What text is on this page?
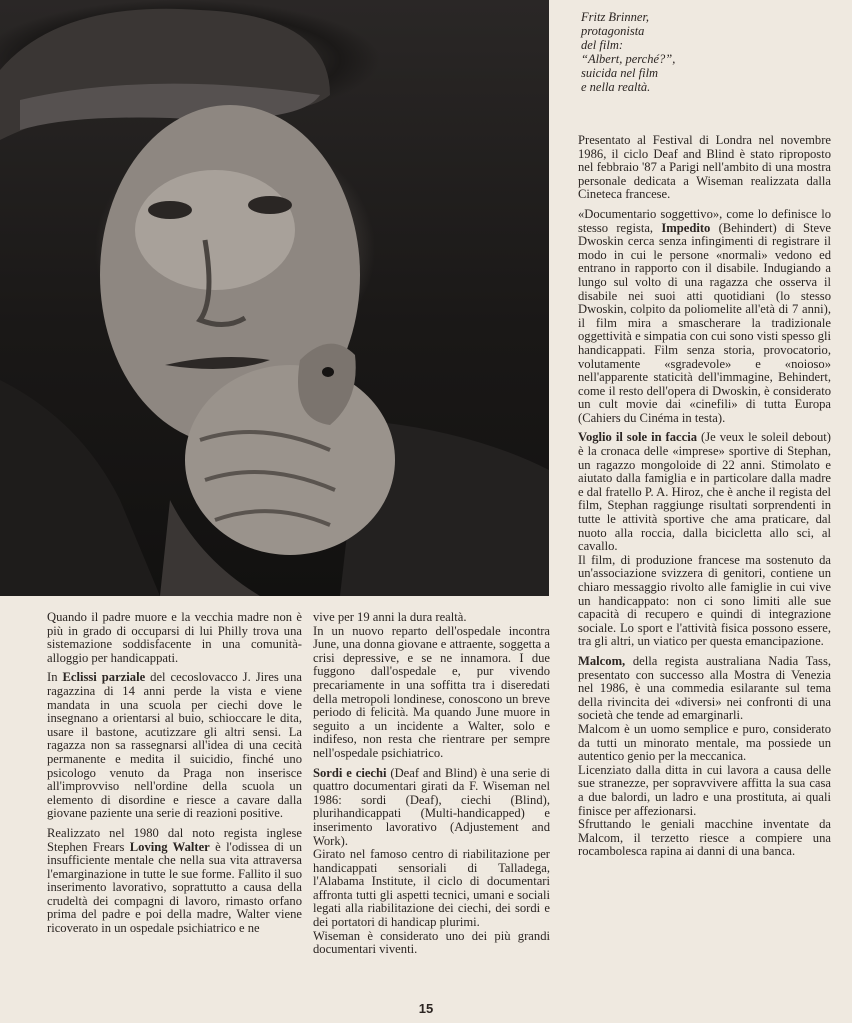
Fritz Brinner,
protagonista
del film:
“Albert, perché?”,
suicida nel film
e nella realtà.

Quando il padre muore e la vecchia madre non è più in grado di occuparsi di lui Philly trova una sistemazione soddisfacente in una comunità-alloggio per handicappati.

In Eclissi parziale del cecoslovacco J. Jires una ragazzina di 14 anni perde la vista e viene mandata in una scuola per ciechi dove le insegnano a orientarsi al buio, schioccare le dita, usare il bastone, acutizzare gli altri sensi. La ragazza non sa rassegnarsi all'idea di una cecità permanente e medita il suicidio, finché uno psicologo venuto da Praga non inserisce all'improvviso nell'ordine della scuola un elemento di disordine e riesce a cavare dalla giovane paziente una serie di reazioni positive.

Realizzato nel 1980 dal noto regista inglese Stephen Frears Loving Walter è l'odissea di un insufficiente mentale che nella sua vita attraversa l'emarginazione in tutte le sue forme. Fallito il suo inserimento lavorativo, soprattutto a causa della crudeltà dei compagni di lavoro, rimasto orfano prima del padre e poi della madre, Walter viene ricoverato in un ospedale psichiatrico e ne

vive per 19 anni la dura realtà.

In un nuovo reparto dell'ospedale incontra June, una donna giovane e attraente, soggetta a crisi depressive, e se ne innamora. I due fuggono dall'ospedale e, pur vivendo precariamente in una soffitta tra i diseredati della metropoli londinese, conoscono un breve periodo di felicità. Ma quando June muore in seguito a un incidente a Walter, solo e indifeso, non resta che rientrare per sempre nell'ospedale psichiatrico.

Sordi e ciechi (Deaf and Blind) è una serie di quattro documentari girati da F. Wiseman nel 1986: sordi (Deaf), ciechi (Blind), plurihandicappati (Multi-handicapped) e inserimento lavorativo (Adjustement and Work).

Girato nel famoso centro di riabilitazione per handicappati sensoriali di Talladega, l'Alabama Institute, il ciclo di documentari affronta tutti gli aspetti tecnici, umani e sociali legati alla riabilitazione dei ciechi, dei sordi e dei portatori di handicap plurimi.

Wiseman è considerato uno dei più grandi documentari viventi.

Presentato al Festival di Londra nel novembre 1986, il ciclo Deaf and Blind è stato riproposto nel febbraio '87 a Parigi nell'ambito di una mostra personale dedicata a Wiseman realizzata dalla Cineteca francese.

«Documentario soggettivo», come lo definisce lo stesso regista, Impedito (Behindert) di Steve Dwoskin cerca senza infingimenti di registrare il modo in cui le persone «normali» vedono ed entrano in rapporto con il disabile. Indugiando a lungo sul volto di una ragazza che osserva il disabile nei suoi atti quotidiani (lo stesso Dwoskin, colpito da poliomelite all'età di 7 anni), il film mira a smascherare la tradizionale oggettività e simpatia con cui sono visti spesso gli handicappati. Film senza storia, provocatorio, volutamente «sgradevole» e «noioso» nell'apparente staticità dell'immagine, Behindert, come il resto dell'opera di Dwoskin, è considerato un cult movie dai «cinefili» di tutta Europa (Cahiers du Cinéma in testa).

Voglio il sole in faccia (Je veux le soleil debout) è la cronaca delle «imprese» sportive di Stephan, un ragazzo mongoloide di 22 anni. Stimolato e aiutato dalla famiglia e in particolare dalla madre e dal fratello P. A. Hiroz, che è anche il regista del film, Stephan raggiunge risultati sorprendenti in tutte le attività sportive che ama praticare, dal nuoto alla roccia, dalla bicicletta allo sci, al cavallo.

Il film, di produzione francese ma sostenuto da un'associazione svizzera di genitori, contiene un chiaro messaggio rivolto alle famiglie in cui vive un handicappato: non ci sono limiti alle sue capacità di recupero e quindi di integrazione sociale. Lo sport e l'attività fisica possono essere, tra gli altri, un viatico per questa emancipazione.

Malcom, della regista australiana Nadia Tass, presentato con successo alla Mostra di Venezia nel 1986, è una commedia esilarante sul tema della rivincita dei «diversi» nei confronti di una società che tende ad emarginarli.

Malcom è un uomo semplice e puro, considerato da tutti un minorato mentale, ma possiede un autentico genio per la meccanica.

Licenziato dalla ditta in cui lavora a causa delle sue stranezze, per sopravvivere affitta la sua casa a due balordi, un ladro e una prostituta, ai quali finisce per affezionarsi.

Sfruttando le geniali macchine inventate da Malcom, il terzetto riesce a compiere una rocambolesca rapina ai danni di una banca.

15
